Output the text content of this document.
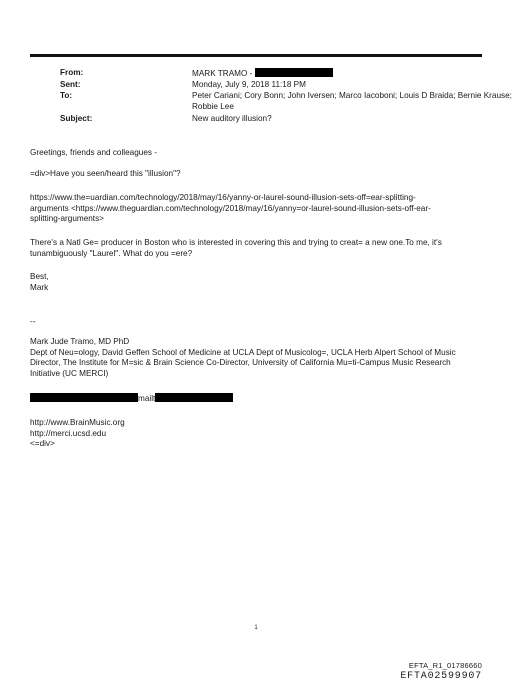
From:	MARK TRAMO -
Sent:	Monday, July 9, 2018 11:18 PM
To:	Peter Cariani; Cory Bonn; John Iversen; Marco Iacoboni; Louis D Braida; Bernie Krause;
Robbie Lee
Subject:	New auditory illusion?
Greetings, friends and colleagues -
=div>Have you seen/heard this "illusion"?

https://www.the=uardian.com/technology/2018/may/16/yanny-or-laurel-sound-illusion-sets-off=ear-splitting-

arguments <https://www.theguardian.com/technology/2018/may/16/yanny=or-laurel-sound-illusion-sets-off-ear-

splitting-arguments>

There's a Natl Ge= producer in Boston who is interested in covering this and trying to creat= a new one.To me, it's

tunambiguously "Laurel". What do you =ere?

Best,

Mark

--

Mark Jude Tramo, MD PhD

Dept of Neu=ology, David Geffen School of Medicine at UCLA Dept of Musicolog=, UCLA Herb Alpert School of Music

Director, The Institute for M=sic & Brain Science Co-Director, University of California Mu=ti-Campus Music Research

Initiative (UC MERCI)

mailt

http://www.BrainMusic.org

http://merci.ucsd.edu

<=div>

1
EFTA_R1_01786660
EFTA02599907
